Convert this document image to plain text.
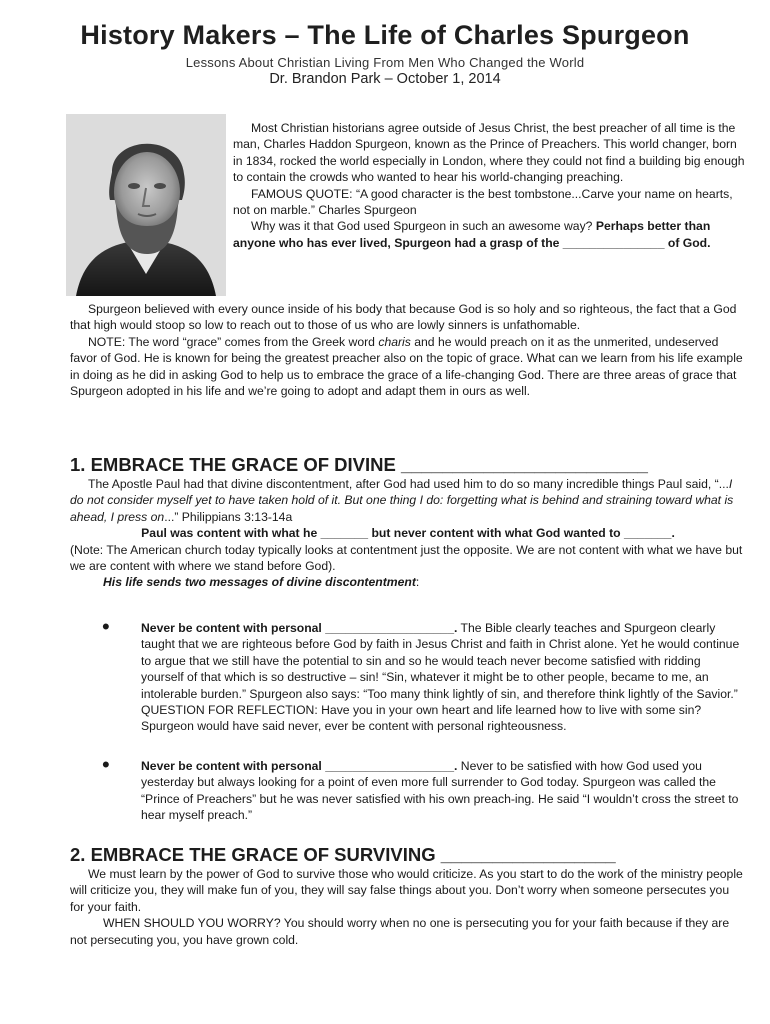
History Makers – The Life of Charles Spurgeon
Lessons About Christian Living From Men Who Changed the World
Dr. Brandon Park – October 1, 2014

Most Christian historians agree outside of Jesus Christ, the best preacher of all time is the man, Charles Haddon Spurgeon, known as the Prince of Preachers. This world changer, born in 1834, rocked the world especially in London, where they could not find a building big enough to contain the crowds who wanted to hear his world-changing preaching.

FAMOUS QUOTE: “A good character is the best tombstone...Carve your name on hearts, not on marble.” Charles Spurgeon

Why was it that God used Spurgeon in such an awesome way? Perhaps better than anyone who has ever lived, Spurgeon had a grasp of the _______________ of God.

Spurgeon believed with every ounce inside of his body that because God is so holy and so righteous, the fact that a God that high would stoop so low to reach out to those of us who are lowly sinners is unfathomable.

NOTE: The word “grace” comes from the Greek word charis and he would preach on it as the unmerited, undeserved favor of God. He is known for being the greatest preacher also on the topic of grace. What can we learn from his life example in doing as he did in asking God to help us to embrace the grace of a life-changing God. There are three areas of grace that Spurgeon adopted in his life and we’re going to adopt and adapt them in ours as well.

1. EMBRACE THE GRACE OF DIVINE ________________________

The Apostle Paul had that divine discontentment, after God had used him to do so many incredible things Paul said, “...I do not consider myself yet to have taken hold of it. But one thing I do: forgetting what is behind and straining toward what is ahead, I press on...” Philippians 3:13-14a

Paul was content with what he _______ but never content with what God wanted to _______.

(Note: The American church today typically looks at contentment just the opposite. We are not content with what we have but we are content with where we stand before God).

His life sends two messages of divine discontentment:

•	Never be content with personal ___________________. The Bible clearly teaches and Spurgeon clearly taught that we are righteous before God by faith in Jesus Christ and faith in Christ alone. Yet he would continue to argue that we still have the potential to sin and so he would teach never become satisfied with ridding yourself of that which is so destructive – sin! “Sin, whatever it might be to other people, became to me, an intolerable burden.” Spurgeon also says: “Too many think lightly of sin, and therefore think lightly of the Savior.” QUESTION FOR REFLECTION: Have you in your own heart and life learned how to live with some sin? Spurgeon would have said never, ever be content with personal righteousness.

•	Never be content with personal ___________________. Never to be satisfied with how God used you yesterday but always looking for a point of even more full surrender to God today. Spurgeon was called the “Prince of Preachers” but he was never satisfied with his own preach-ing. He said “I wouldn’t cross the street to hear myself preach.”

2. EMBRACE THE GRACE OF SURVIVING _________________

We must learn by the power of God to survive those who would criticize. As you start to do the work of the ministry people will criticize you, they will make fun of you, they will say false things about you. Don’t worry when someone persecutes you for your faith.

WHEN SHOULD YOU WORRY? You should worry when no one is persecuting you for your faith because if they are not persecuting you, you have grown cold.
